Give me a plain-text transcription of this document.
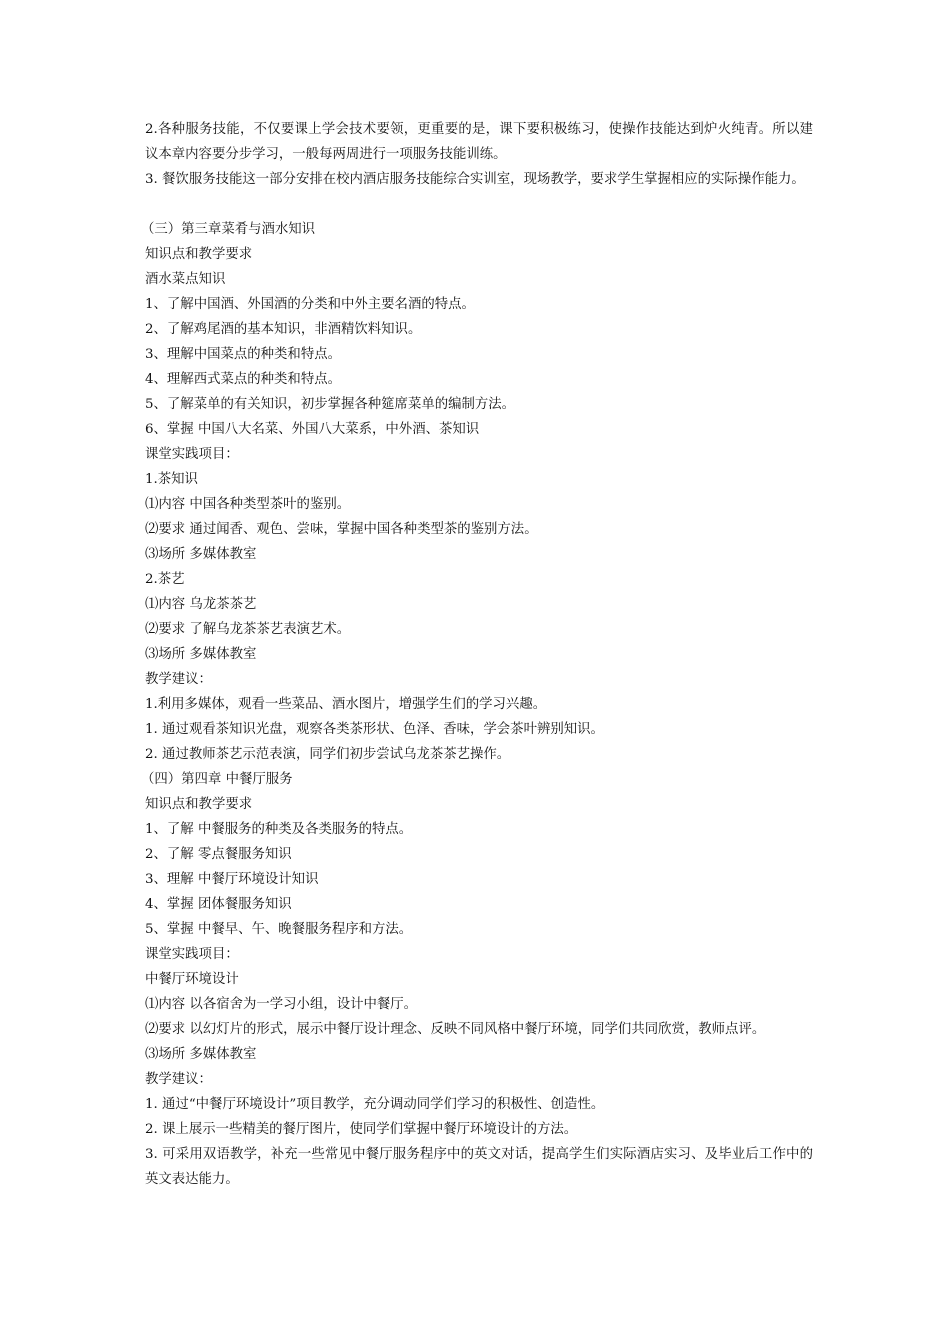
2.各种服务技能，不仅要课上学会技术要领，更重要的是，课下要积极练习，使操作技能达到炉火纯青。所以建议本章内容要分步学习，一般每两周进行一项服务技能训练。
3. 餐饮服务技能这一部分安排在校内酒店服务技能综合实训室，现场教学，要求学生掌握相应的实际操作能力。
（三）第三章菜肴与酒水知识
知识点和教学要求
酒水菜点知识
1、了解中国酒、外国酒的分类和中外主要名酒的特点。
2、了解鸡尾酒的基本知识，非酒精饮料知识。
3、理解中国菜点的种类和特点。
4、理解西式菜点的种类和特点。
5、了解菜单的有关知识，初步掌握各种筵席菜单的编制方法。
6、掌握 中国八大名菜、外国八大菜系，中外酒、茶知识
课堂实践项目：
1.茶知识
⑴内容 中国各种类型茶叶的鉴别。
⑵要求 通过闻香、观色、尝味，掌握中国各种类型茶的鉴别方法。
⑶场所 多媒体教室
2.茶艺
⑴内容 乌龙茶茶艺
⑵要求 了解乌龙茶茶艺表演艺术。
⑶场所 多媒体教室
教学建议：
1.利用多媒体，观看一些菜品、酒水图片，增强学生们的学习兴趣。
1. 通过观看茶知识光盘，观察各类茶形状、色泽、香味，学会茶叶辨别知识。
2. 通过教师茶艺示范表演，同学们初步尝试乌龙茶茶艺操作。
（四）第四章 中餐厅服务
知识点和教学要求
1、了解 中餐服务的种类及各类服务的特点。
2、了解 零点餐服务知识
3、理解 中餐厅环境设计知识
4、掌握 团体餐服务知识
5、掌握 中餐早、午、晚餐服务程序和方法。
课堂实践项目：
中餐厅环境设计
⑴内容 以各宿舍为一学习小组，设计中餐厅。
⑵要求 以幻灯片的形式，展示中餐厅设计理念、反映不同风格中餐厅环境，同学们共同欣赏，教师点评。
⑶场所 多媒体教室
教学建议：
1. 通过“中餐厅环境设计”项目教学，充分调动同学们学习的积极性、创造性。
2. 课上展示一些精美的餐厅图片，使同学们掌握中餐厅环境设计的方法。
3. 可采用双语教学，补充一些常见中餐厅服务程序中的英文对话，提高学生们实际酒店实习、及毕业后工作中的英文表达能力。
